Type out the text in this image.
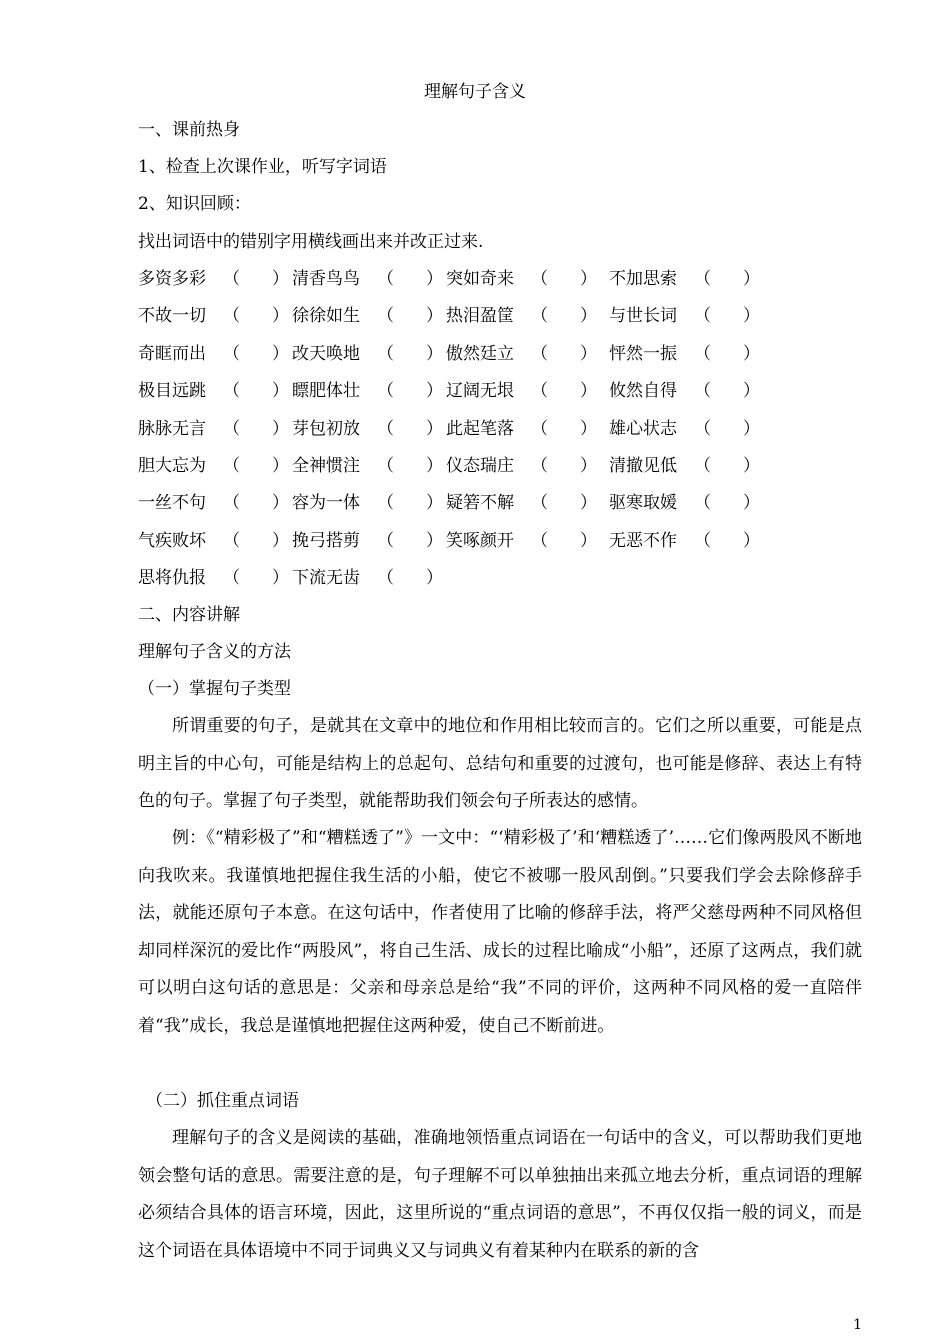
理解句子含义
一、课前热身
1、检查上次课作业，听写字词语
2、知识回顾：
找出词语中的错别字用横线画出来并改正过来.
多资多彩 （ ） 清香鸟鸟 （ ） 突如奇来 （ ） 不加思索 （ ）
不故一切 （ ） 徐徐如生 （ ） 热泪盈筐 （ ） 与世长词 （ ）
奇眶而出 （ ） 改天唤地 （ ） 傲然廷立 （ ） 怦然一振 （ ）
极目远跳 （ ） 瞟肥体壮 （ ） 辽阔无垠 （ ） 攸然自得 （ ）
脉脉无言 （ ） 芽包初放 （ ） 此起笔落 （ ） 雄心状志 （ ）
胆大忘为 （ ） 全神惯注 （ ） 仪态瑞庄 （ ） 清撤见低 （ ）
一丝不句 （ ） 容为一体 （ ） 疑箬不解 （ ） 驱寒取媛 （ ）
气疾败坏 （ ） 挽弓搭剪 （ ） 笑啄颜开 （ ） 无恶不作 （ ）
思将仇报 （ ） 下流无齿 （ ）
二、内容讲解
理解句子含义的方法
（一）掌握句子类型

所谓重要的句子，是就其在文章中的地位和作用相比较而言的。它们之所以重要，可能是点明主旨的中心句，可能是结构上的总起句、总结句和重要的过渡句，也可能是修辞、表达上有特色的句子。掌握了句子类型，就能帮助我们领会句子所表达的感情。

例：《“精彩极了”和“糟糕透了”》一文中：“‘精彩极了’和‘糟糕透了’……它们像两股风不断地向我吹来。我谨慎地把握住我生活的小船，使它不被哪一股风刮倒。”只要我们学会去除修辞手法，就能还原句子本意。在这句话中，作者使用了比喻的修辞手法，将严父慈母两种不同风格但却同样深沉的爱比作“两股风”，将自己生活、成长的过程比喻成“小船”，还原了这两点，我们就可以明白这句话的意思是：父亲和母亲总是给“我”不同的评价，这两种不同风格的爱一直陪伴着“我”成长，我总是谨慎地把握住这两种爱，使自己不断前进。

（二）抓住重点词语

理解句子的含义是阅读的基础，准确地领悟重点词语在一句话中的含义，可以帮助我们更地领会整句话的意思。需要注意的是，句子理解不可以单独抽出来孤立地去分析，重点词语的理解必须结合具体的语言环境，因此，这里所说的“重点词语的意思”，不再仅仅指一般的词义，而是这个词语在具体语境中不同于词典义又与词典义有着某种内在联系的新的含

1
